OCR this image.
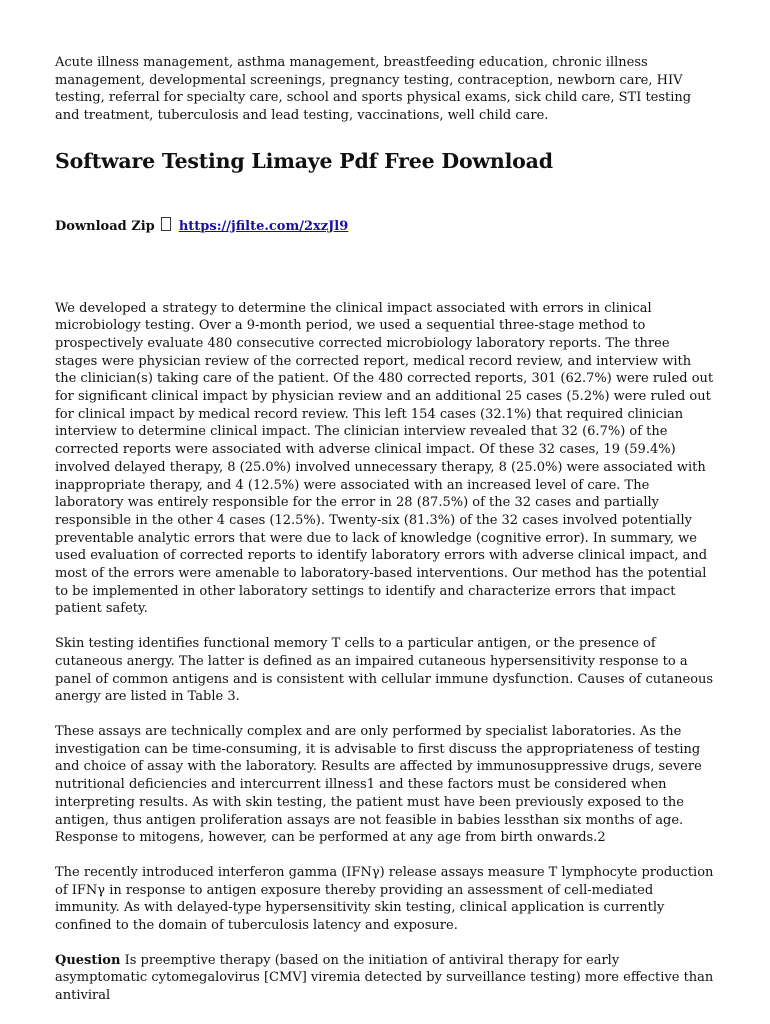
Acute illness management, asthma management, breastfeeding education, chronic illness management, developmental screenings, pregnancy testing, contraception, newborn care, HIV testing, referral for specialty care, school and sports physical exams, sick child care, STI testing and treatment, tuberculosis and lead testing, vaccinations, well child care.

Software Testing Limaye Pdf Free Download
Download Zip https://jfilte.com/2xzJl9

We developed a strategy to determine the clinical impact associated with errors in clinical microbiology testing. Over a 9-month period, we used a sequential three-stage method to prospectively evaluate 480 consecutive corrected microbiology laboratory reports. The three stages were physician review of the corrected report, medical record review, and interview with the clinician(s) taking care of the patient. Of the 480 corrected reports, 301 (62.7%) were ruled out for significant clinical impact by physician review and an additional 25 cases (5.2%) were ruled out for clinical impact by medical record review. This left 154 cases (32.1%) that required clinician interview to determine clinical impact. The clinician interview revealed that 32 (6.7%) of the corrected reports were associated with adverse clinical impact. Of these 32 cases, 19 (59.4%) involved delayed therapy, 8 (25.0%) involved unnecessary therapy, 8 (25.0%) were associated with inappropriate therapy, and 4 (12.5%) were associated with an increased level of care. The laboratory was entirely responsible for the error in 28 (87.5%) of the 32 cases and partially responsible in the other 4 cases (12.5%). Twenty-six (81.3%) of the 32 cases involved potentially preventable analytic errors that were due to lack of knowledge (cognitive error). In summary, we used evaluation of corrected reports to identify laboratory errors with adverse clinical impact, and most of the errors were amenable to laboratory-based interventions. Our method has the potential to be implemented in other laboratory settings to identify and characterize errors that impact patient safety.

Skin testing identifies functional memory T cells to a particular antigen, or the presence of cutaneous anergy. The latter is defined as an impaired cutaneous hypersensitivity response to a panel of common antigens and is consistent with cellular immune dysfunction. Causes of cutaneous anergy are listed in Table 3.

These assays are technically complex and are only performed by specialist laboratories. As the investigation can be time-consuming, it is advisable to first discuss the appropriateness of testing and choice of assay with the laboratory. Results are affected by immunosuppressive drugs, severe nutritional deficiencies and intercurrent illness1 and these factors must be considered when interpreting results. As with skin testing, the patient must have been previously exposed to the antigen, thus antigen proliferation assays are not feasible in babies lessthan six months of age. Response to mitogens, however, can be performed at any age from birth onwards.2

The recently introduced interferon gamma (IFNγ) release assays measure T lymphocyte production of IFNγ in response to antigen exposure thereby providing an assessment of cell-mediated immunity. As with delayed-type hypersensitivity skin testing, clinical application is currently confined to the domain of tuberculosis latency and exposure.

Question Is preemptive therapy (based on the initiation of antiviral therapy for early asymptomatic cytomegalovirus [CMV] viremia detected by surveillance testing) more effective than antiviral
